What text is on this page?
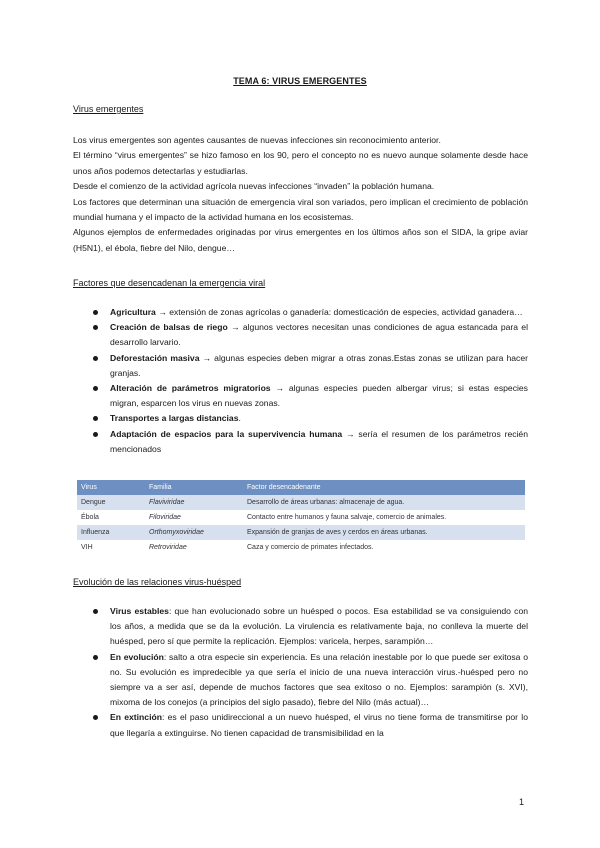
TEMA 6: VIRUS EMERGENTES
Virus emergentes

Los virus emergentes son agentes causantes de nuevas infecciones sin reconocimiento anterior.

El término “virus emergentes” se hizo famoso en los 90, pero el concepto no es nuevo aunque solamente desde hace unos años podemos detectarlas y estudiarlas.

Desde el comienzo de la actividad agrícola nuevas infecciones “invaden” la población humana.

Los factores que determinan una situación de emergencia viral son variados, pero implican el crecimiento de población mundial humana y el impacto de la actividad humana en los ecosistemas.

Algunos ejemplos de enfermedades originadas por virus emergentes en los últimos años son el SIDA, la gripe aviar (H5N1), el ébola, fiebre del Nilo, dengue…

Factores que desencadenan la emergencia viral
Agricultura → extensión de zonas agrícolas o ganadería: domesticación de especies, actividad ganadera…
Creación de balsas de riego → algunos vectores necesitan unas condiciones de agua estancada para el desarrollo larvario.
Deforestación masiva → algunas especies deben migrar a otras zonas.Estas zonas se utilizan para hacer granjas.
Alteración de parámetros migratorios → algunas especies pueden albergar virus; si estas especies migran, esparcen los virus en nuevas zonas.
Transportes a largas distancias.
Adaptación de espacios para la supervivencia humana → sería el resumen de los parámetros recién mencionados
Virus	Familia	Factor desencadenante
Dengue	Flaviviridae	Desarrollo de áreas urbanas: almacenaje de agua.
Ébola	Filoviridae	Contacto entre humanos y fauna salvaje, comercio de animales.
Influenza	Orthomyxoviridae	Expansión de granjas de aves y cerdos en áreas urbanas.
VIH	Retroviridae	Caza y comercio de primates infectados.
Evolución de las relaciones virus-huésped
Virus estables: que han evolucionado sobre un huésped o pocos. Esa estabilidad se va consiguiendo con los años, a medida que se da la evolución. La virulencia es relativamente baja, no conlleva la muerte del huésped, pero sí que permite la replicación. Ejemplos: varicela, herpes, sarampión…
En evolución: salto a otra especie sin experiencia. Es una relación inestable por lo que puede ser exitosa o no. Su evolución es impredecible ya que sería el inicio de una nueva interacción virus.-huésped pero no siempre va a ser así, depende de muchos factores que sea exitoso o no. Ejemplos: sarampión (s. XVI), mixoma de los conejos (a principios del siglo pasado), fiebre del Nilo (más actual)…
En extinción: es el paso unidireccional a un nuevo huésped, el virus no tiene forma de transmitirse por lo que llegaría a extinguirse. No tienen capacidad de transmisibilidad en la
1
